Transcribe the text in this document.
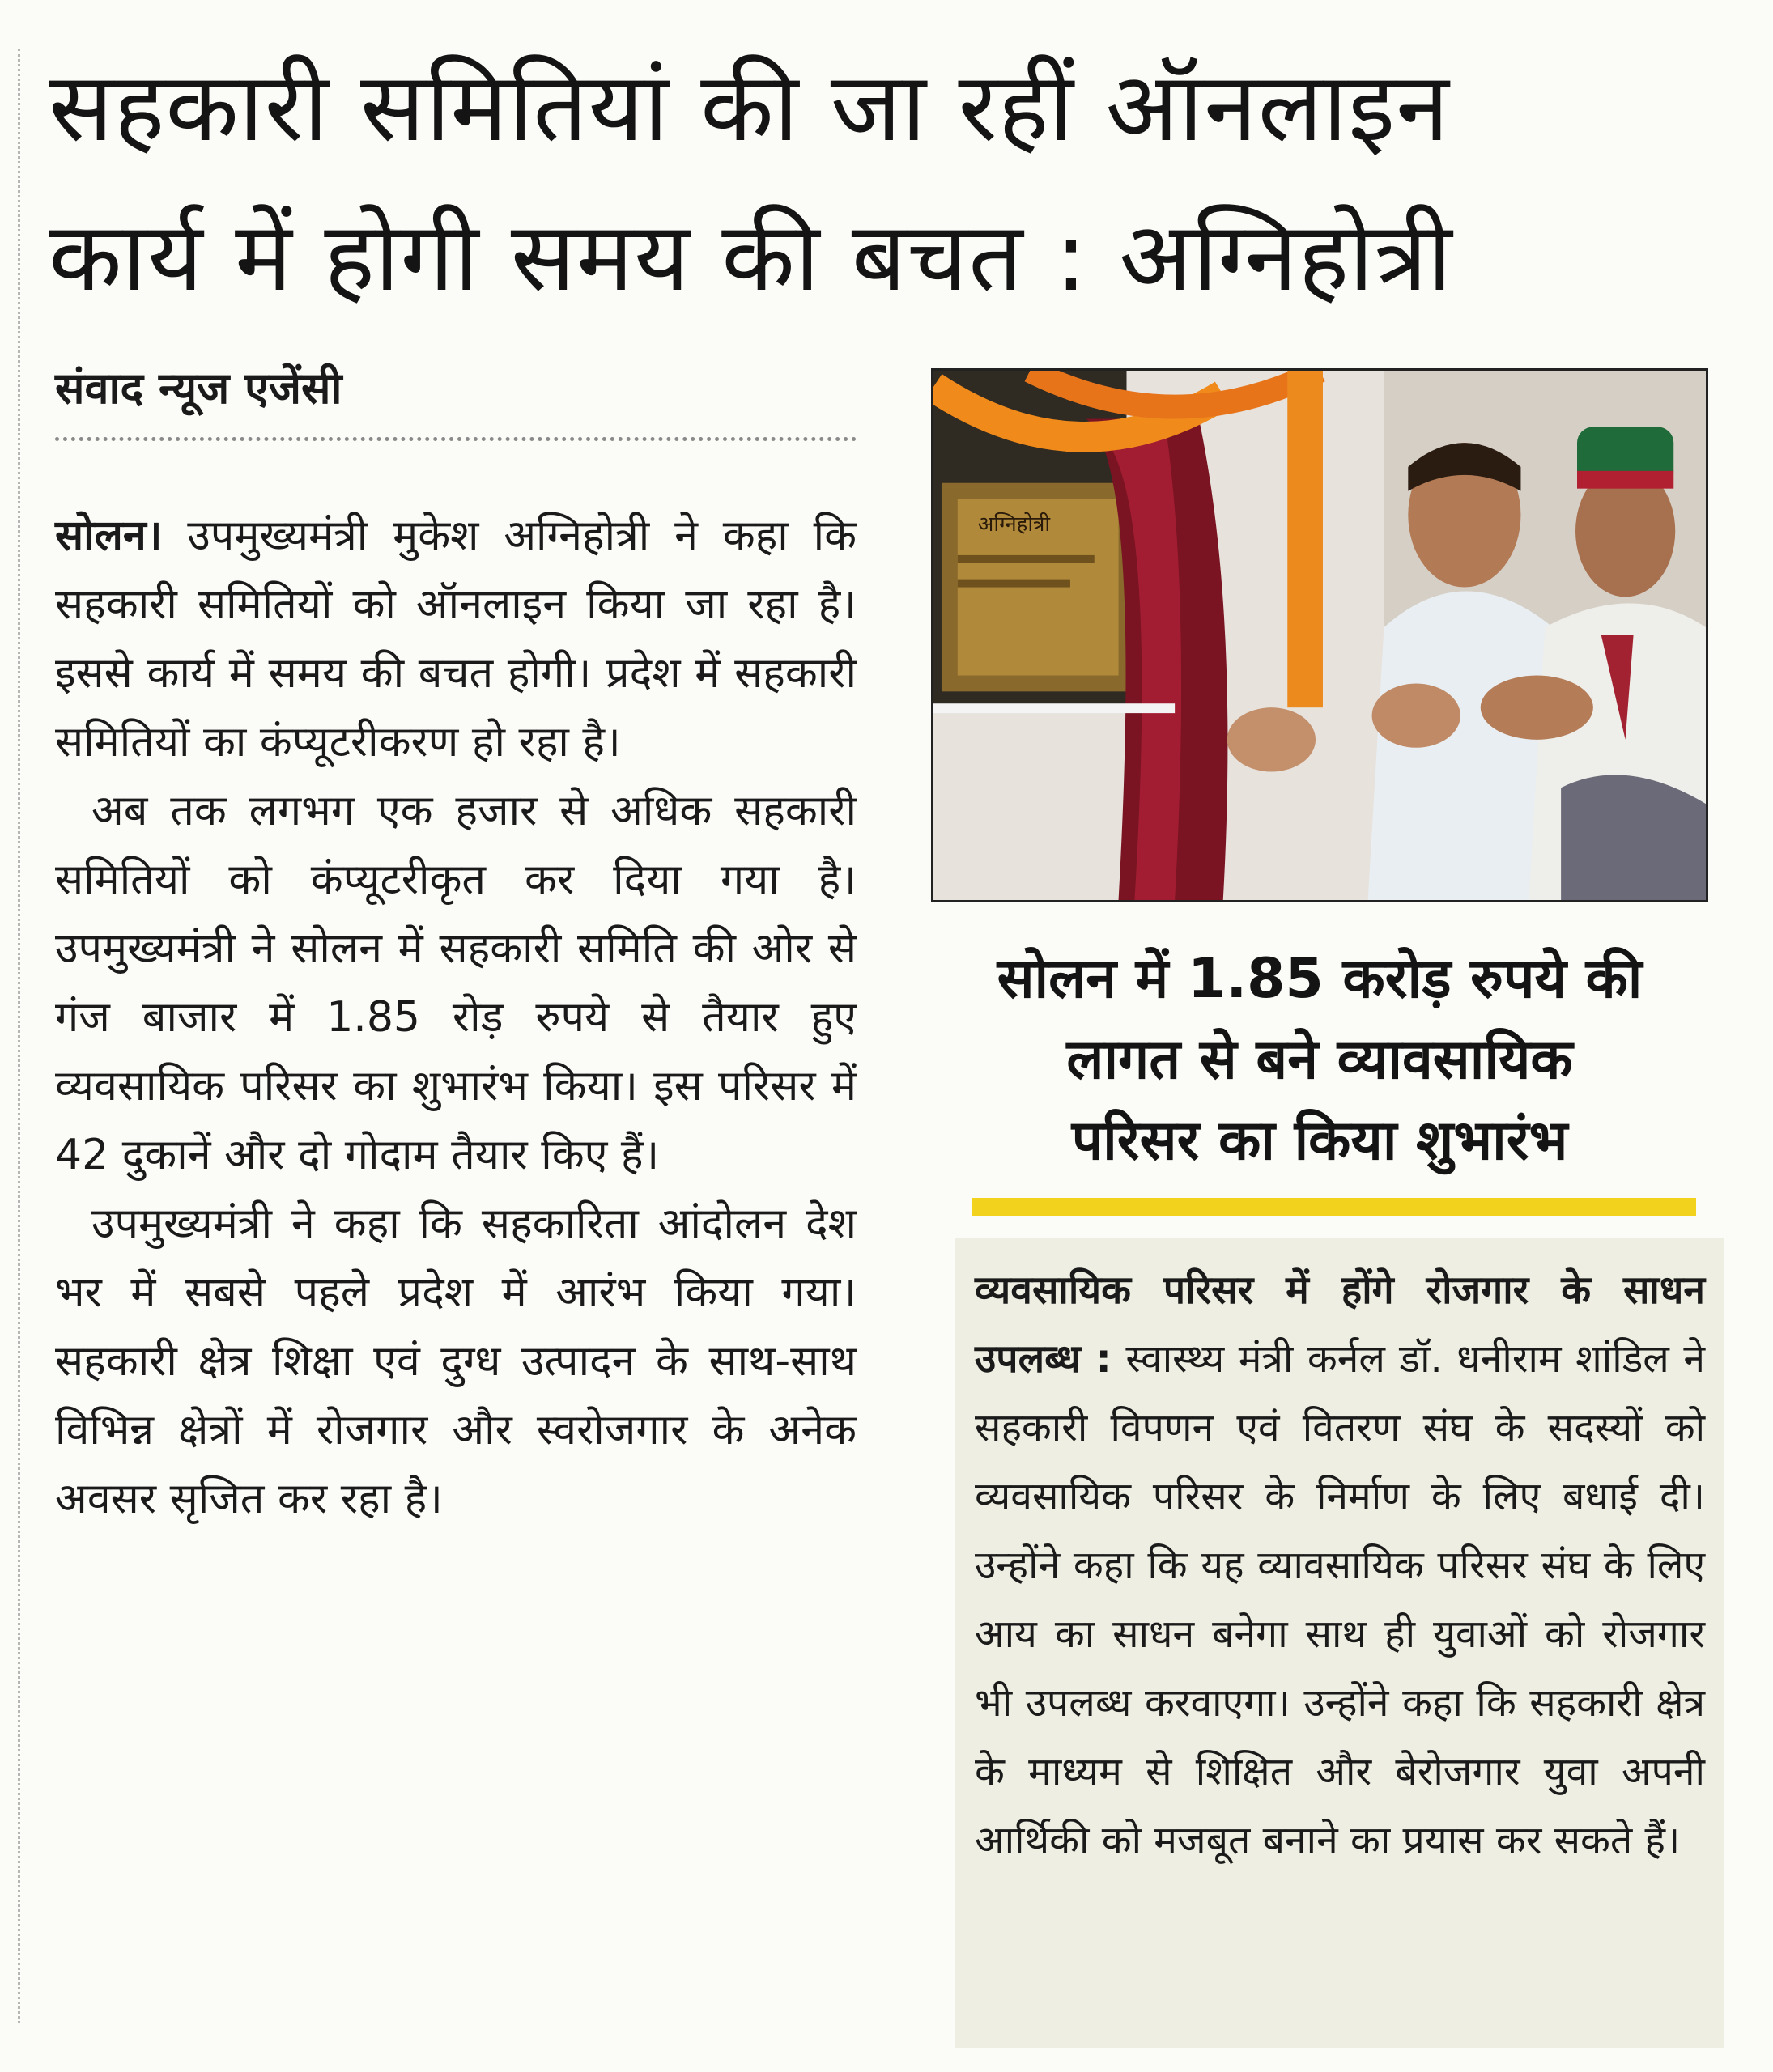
सहकारी समितियां की जा रहीं ऑनलाइन
कार्य में होगी समय की बचत : अग्निहोत्री
संवाद न्यूज एजेंसी

सोलन। उपमुख्यमंत्री मुकेश अग्निहोत्री ने कहा कि सहकारी समितियों को ऑनलाइन किया जा रहा है। इससे कार्य में समय की बचत होगी। प्रदेश में सहकारी समितियों का कंप्यूटरीकरण हो रहा है।

अब तक लगभग एक हजार से अधिक सहकारी समितियों को कंप्यूटरीकृत कर दिया गया है। उपमुख्यमंत्री ने सोलन में सहकारी समिति की ओर से गंज बाजार में 1.85 रोड़ रुपये से तैयार हुए व्यवसायिक परिसर का शुभारंभ किया। इस परिसर में 42 दुकानें और दो गोदाम तैयार किए हैं।

उपमुख्यमंत्री ने कहा कि सहकारिता आंदोलन देश भर में सबसे पहले प्रदेश में आरंभ किया गया। सहकारी क्षेत्र शिक्षा एवं दुग्ध उत्पादन के साथ-साथ विभिन्न क्षेत्रों में रोजगार और स्वरोजगार के अनेक अवसर सृजित कर रहा है।

अग्निहोत्री
सोलन में 1.85 करोड़ रुपये की
लागत से बने व्यावसायिक
परिसर का किया शुभारंभ

व्यवसायिक परिसर में होंगे रोजगार के साधन उपलब्ध : स्वास्थ्य मंत्री कर्नल डॉ. धनीराम शांडिल ने सहकारी विपणन एवं वितरण संघ के सदस्यों को व्यवसायिक परिसर के निर्माण के लिए बधाई दी। उन्होंने कहा कि यह व्यावसायिक परिसर संघ के लिए आय का साधन बनेगा साथ ही युवाओं को रोजगार भी उपलब्ध करवाएगा। उन्होंने कहा कि सहकारी क्षेत्र के माध्यम से शिक्षित और बेरोजगार युवा अपनी आर्थिकी को मजबूत बनाने का प्रयास कर सकते हैं।
